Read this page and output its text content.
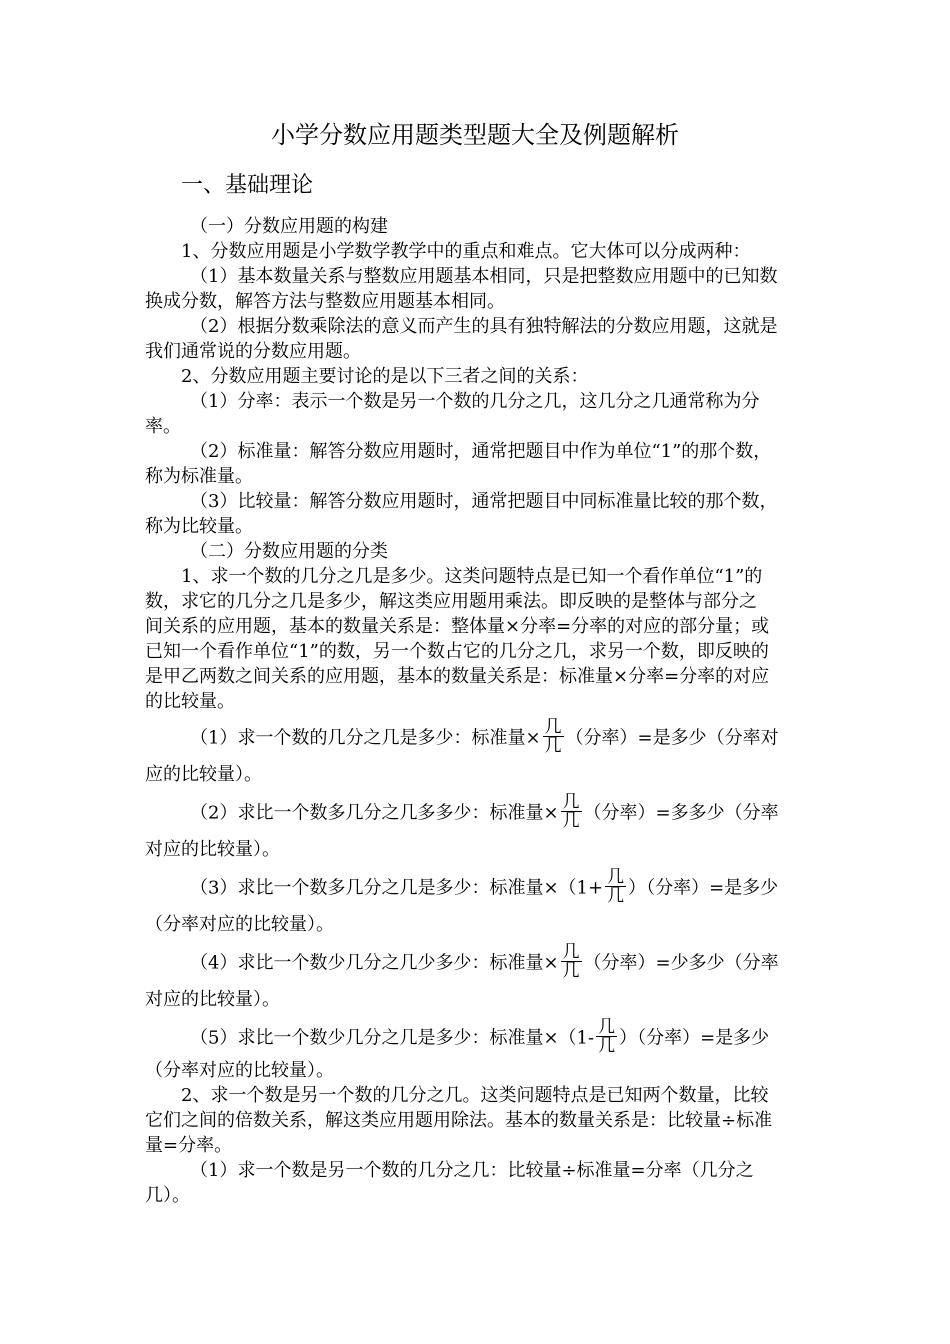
小学分数应用题类型题大全及例题解析
一、基础理论
（一）分数应用题的构建
1、分数应用题是小学数学教学中的重点和难点。它大体可以分成两种：
（1）基本数量关系与整数应用题基本相同，只是把整数应用题中的已知数
换成分数，解答方法与整数应用题基本相同。
（2）根据分数乘除法的意义而产生的具有独特解法的分数应用题，这就是
我们通常说的分数应用题。
2、分数应用题主要讨论的是以下三者之间的关系：
（1）分率：表示一个数是另一个数的几分之几，这几分之几通常称为分
率。
（2）标准量：解答分数应用题时，通常把题目中作为单位“1”的那个数，
称为标准量。
（3）比较量：解答分数应用题时，通常把题目中同标准量比较的那个数，
称为比较量。
（二）分数应用题的分类
1、求一个数的几分之几是多少。这类问题特点是已知一个看作单位“1”的
数，求它的几分之几是多少，解这类应用题用乘法。即反映的是整体与部分之
间关系的应用题，基本的数量关系是：整体量×分率=分率的对应的部分量；或
已知一个看作单位“1”的数，另一个数占它的几分之几，求另一个数，即反映的
是甲乙两数之间关系的应用题，基本的数量关系是：标准量×分率=分率的对应
的比较量。
（1）求一个数的几分之几是多少：标准量× $\frac{\text{几}}{\text{几}}$ （分率）=是多少（分率对
应的比较量）。
（2）求比一个数多几分之几多多少：标准量× $\frac{\text{几}}{\text{几}}$ （分率）=多多少（分率
对应的比较量）。
（3）求比一个数多几分之几是多少：标准量$\times(1+ \frac{\text{几}}{\text{几}}$ ）（分率）=是多少
（分率对应的比较量）。
（4）求比一个数少几分之几少多少：标准量× $\frac{\text{几}}{\text{几}}$ （分率）=少多少（分率
对应的比较量）。
（5）求比一个数少几分之几是多少：标准量$\times(1- \frac{\text{几}}{\text{几}}$ ）（分率）=是多少
（分率对应的比较量）。
2、求一个数是另一个数的几分之几。这类问题特点是已知两个数量，比较
它们之间的倍数关系，解这类应用题用除法。基本的数量关系是：比较量÷标准
量=分率。
（1）求一个数是另一个数的几分之几：比较量÷标准量=分率（几分之
几）。
